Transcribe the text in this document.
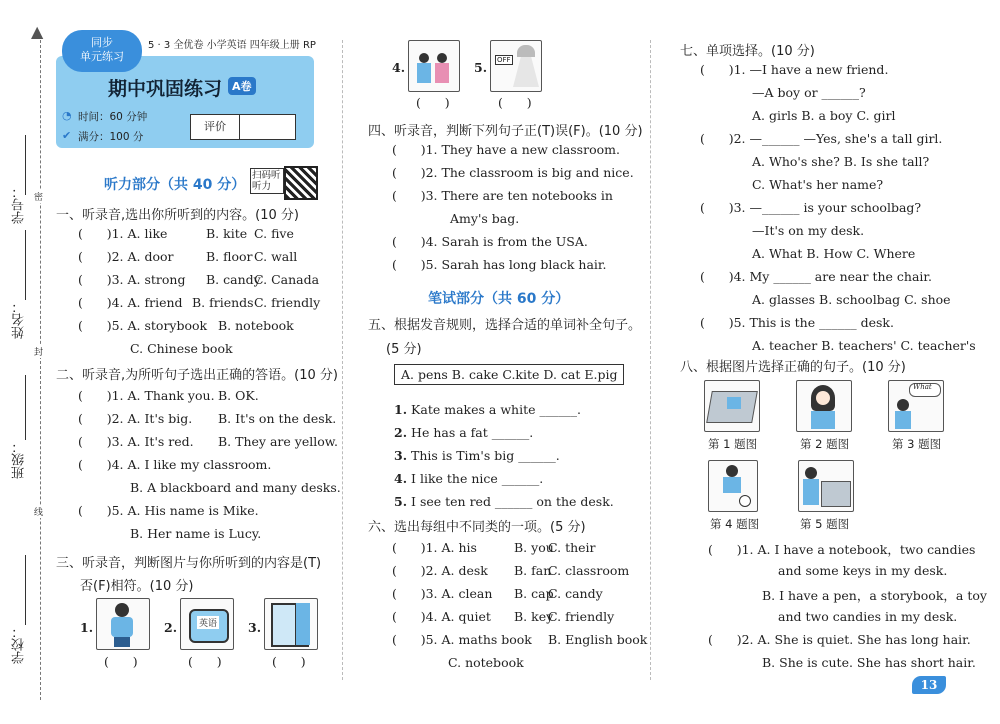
▲
学号： 密
姓名：
封
班级：
线
学校：
同步
单元练习
5 · 3 全优卷 小学英语 四年级上册 RP
期中巩固练习 A卷
◔ 时间：60 分钟
✔ 满分：100 分
评价
听力部分（共 40 分）
扫码听听力
一、听录音,选出你所听到的内容。(10 分)
(      )1. A. like	B. kite C. five
(      )2. A. door	B. floor C. wall
(      )3. A. strong B. candy
C. Canada
(      )4. A. friend B. friends C. friendly
(      )5. A. storybook B. notebook
C. Chinese book
二、听录音,为所听句子选出正确的答语。(10 分)
(      )1. A. Thank you. B. OK.
(      )2. A. It's big. B. It's on the desk.
(      )3. A. It's red. B. They are yellow.
(      )4. A. I like my classroom.
B. A blackboard and many desks.
(      )5. A. His name is Mike.
B. Her name is Lucy.
三、听录音，判断图片与你所听到的内容是(T)
否(F)相符。(10 分)
1.
(      )
2. 英语
(      )
3.
(      )
4.
(      )
5. OFF
(      )
四、听录音，判断下列句子正(T)误(F)。(10 分)
(      )1. They have a new classroom.
(      )2. The classroom is big and nice.
(      )3. There are ten notebooks in
Amy's bag.
(      )4. Sarah is from the USA.
(      )5. Sarah has long black hair.
笔试部分（共 60 分）
五、根据发音规则，选择合适的单词补全句子。
(5 分)
A. pens B. cake C.kite D. cat E.pig
1. Kate makes a white ______.
2. He has a fat ______.
3. This is Tim's big ______.
4. I like the nice ______.
5. I see ten red ______ on the desk.
六、选出每组中不同类的一项。(5 分)
(      )1. A. his	B. you
C. their
(      )2. A. desk B. fan
C. classroom
(      )3. A. clean B. cap
C. candy
(      )4. A. quiet B. key
C. friendly
(      )5. A. maths book B. English book
C. notebook
七、单项选择。(10 分)
(      )1. —I have a new friend.
—A boy or ______?
A. girls B. a boy C. girl
(      )2. —______ —Yes, she's a tall girl.
A. Who's she? B. Is she tall?
C. What's her name?
(      )3. —______ is your schoolbag?
—It's on my desk.
A. What B. How C. Where
(      )4. My ______ are near the chair.
A. glasses B. schoolbag C. shoe
(      )5. This is the ______ desk.
A. teacher B. teachers' C. teacher's
八、根据图片选择正确的句子。(10 分)
第 1 题图	第 2 题图
What
第 3 题图
第 4 题图	第 5 题图
(      )1. A. I have a notebook，two candies
and some keys in my desk.
B. I have a pen，a storybook，a toy
and two candies in my desk.
(      )2. A. She is quiet. She has long hair.
B. She is cute. She has short hair.
13
